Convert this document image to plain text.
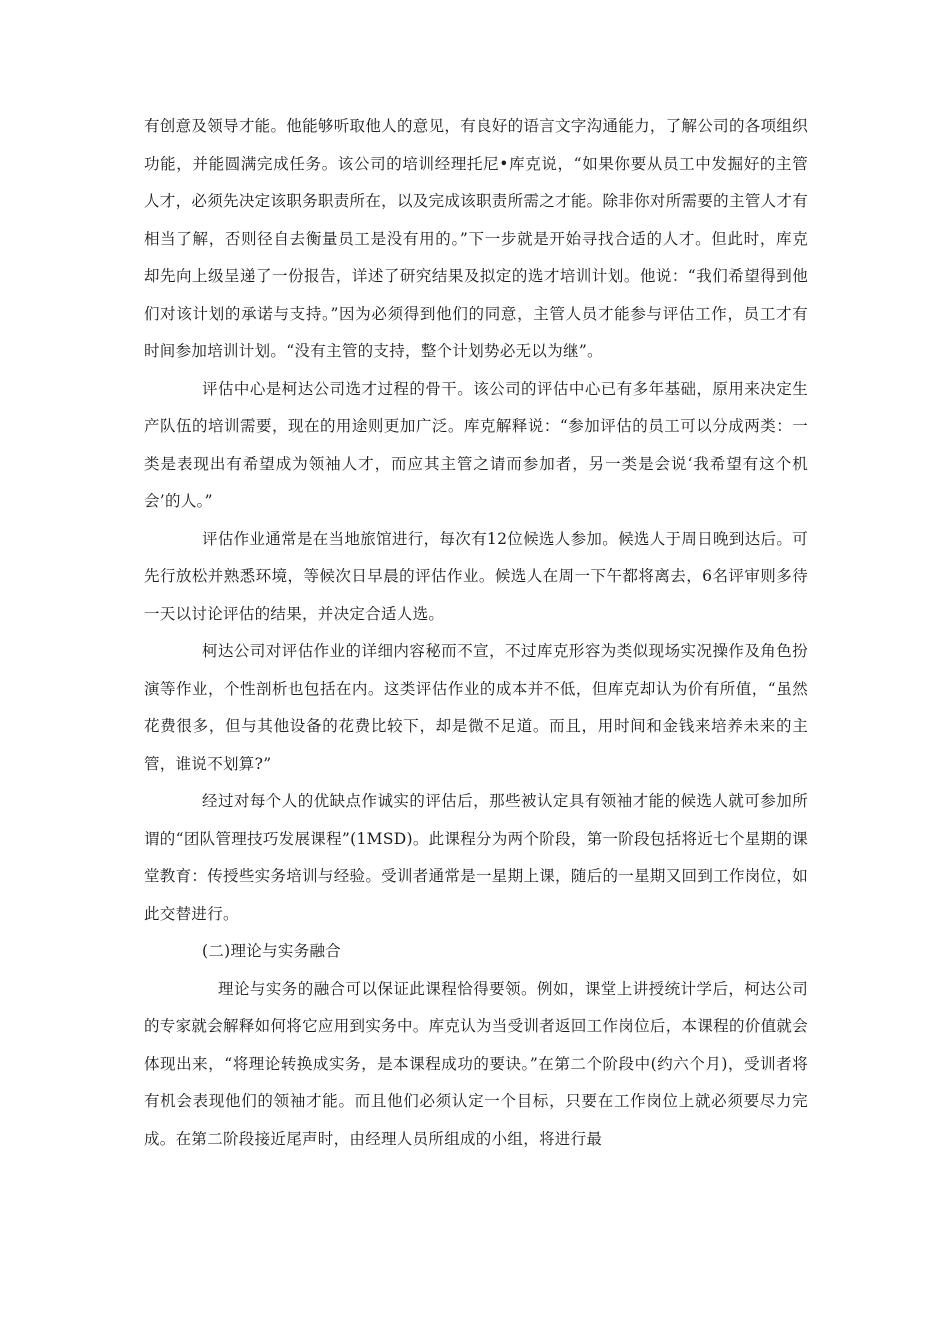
有创意及领导才能。他能够听取他人的意见，有良好的语言文字沟通能力，了解公司的各项组织功能，并能圆满完成任务。该公司的培训经理托尼•库克说，“如果你要从员工中发掘好的主管人才，必须先决定该职务职责所在，以及完成该职责所需之才能。除非你对所需要的主管人才有相当了解，否则径自去衡量员工是没有用的。”下一步就是开始寻找合适的人才。但此时，库克却先向上级呈递了一份报告，详述了研究结果及拟定的选才培训计划。他说：“我们希望得到他们对该计划的承诺与支持。”因为必须得到他们的同意，主管人员才能参与评估工作，员工才有时间参加培训计划。“没有主管的支持，整个计划势必无以为继”。

评估中心是柯达公司选才过程的骨干。该公司的评估中心已有多年基础，原用来决定生产队伍的培训需要，现在的用途则更加广泛。库克解释说：“参加评估的员工可以分成两类：一类是表现出有希望成为领袖人才，而应其主管之请而参加者，另一类是会说‘我希望有这个机会’的人。”

评估作业通常是在当地旅馆进行，每次有12位候选人参加。候选人于周日晚到达后。可先行放松并熟悉环境，等候次日早晨的评估作业。候选人在周一下午都将离去，6名评审则多待一天以讨论评估的结果，并决定合适人选。

柯达公司对评估作业的详细内容秘而不宣，不过库克形容为类似现场实况操作及角色扮演等作业，个性剖析也包括在内。这类评估作业的成本并不低，但库克却认为价有所值，“虽然花费很多，但与其他设备的花费比较下，却是微不足道。而且，用时间和金钱来培养未来的主管，谁说不划算?”

经过对每个人的优缺点作诚实的评估后，那些被认定具有领袖才能的候选人就可参加所谓的“团队管理技巧发展课程”(1MSD)。此课程分为两个阶段，第一阶段包括将近七个星期的课堂教育：传授些实务培训与经验。受训者通常是一星期上课，随后的一星期又回到工作岗位，如此交替进行。

(二)理论与实务融合

理论与实务的融合可以保证此课程恰得要领。例如，课堂上讲授统计学后，柯达公司的专家就会解释如何将它应用到实务中。库克认为当受训者返回工作岗位后，本课程的价值就会体现出来，“将理论转换成实务，是本课程成功的要诀。”在第二个阶段中(约六个月)，受训者将有机会表现他们的领袖才能。而且他们必须认定一个目标，只要在工作岗位上就必须要尽力完成。在第二阶段接近尾声时，由经理人员所组成的小组，将进行最
